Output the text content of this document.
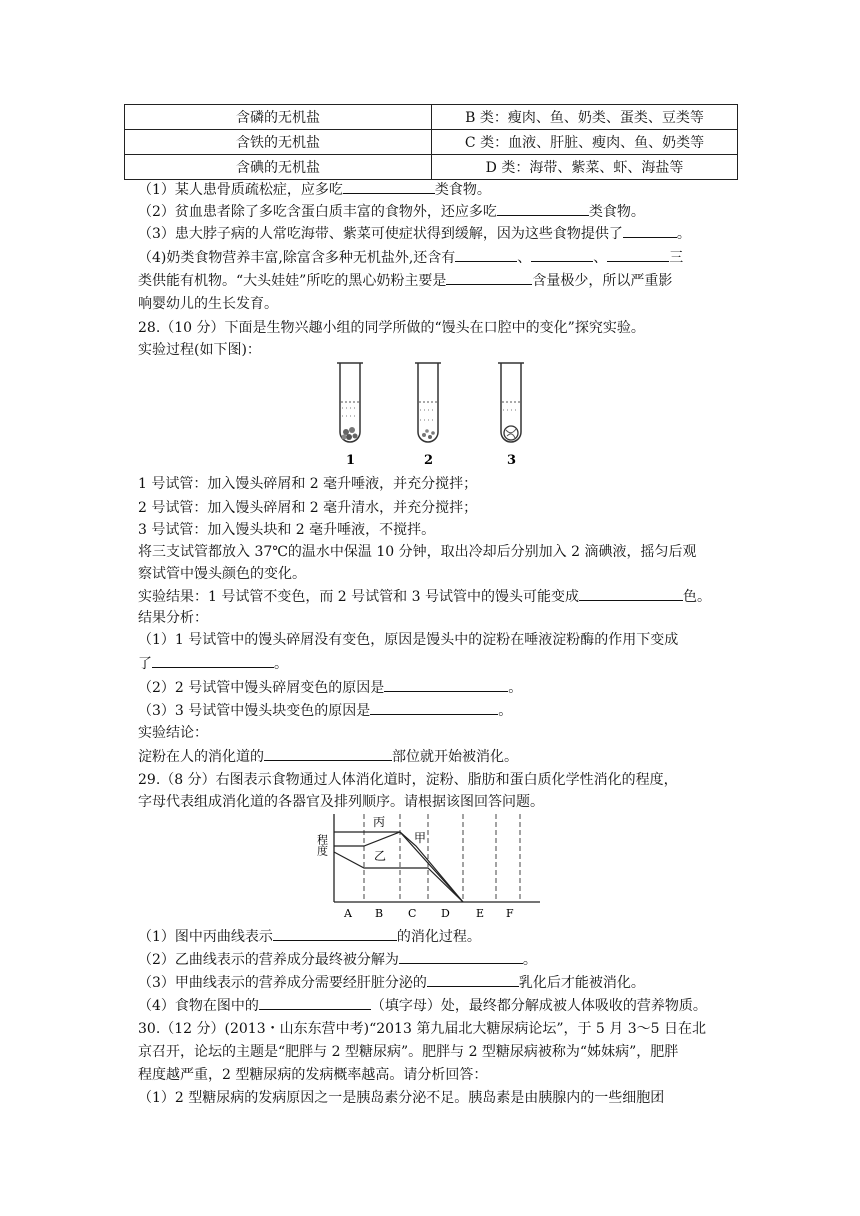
含磷的无机盐	B 类：瘦肉、鱼、奶类、蛋类、豆类等
含铁的无机盐	C 类：血液、肝脏、瘦肉、鱼、奶类等
含碘的无机盐	D 类：海带、紫菜、虾、海盐等
（1）某人患骨质疏松症，应多吃	类食物。
（2）贫血患者除了多吃含蛋白质丰富的食物外，还应多吃	类食物。
（3）患大脖子病的人常吃海带、紫菜可使症状得到缓解，因为这些食物提供了	。
（4)奶类食物营养丰富,除富含多种无机盐外,还含有	、	、	三
类供能有机物。“大头娃娃”所吃的黑心奶粉主要是	含量极少，所以严重影
响婴幼儿的生长发育。
28.（10 分）下面是生物兴趣小组的同学所做的“馒头在口腔中的变化”探究实验。
实验过程(如下图)：
1	2	3
1 号试管：加入馒头碎屑和 2 毫升唾液，并充分搅拌；
2 号试管：加入馒头碎屑和 2 毫升清水，并充分搅拌；
3 号试管：加入馒头块和 2 毫升唾液，不搅拌。
将三支试管都放入 37℃的温水中保温 10 分钟，取出冷却后分别加入 2 滴碘液，摇匀后观
察试管中馒头颜色的变化。
实验结果：1 号试管不变色，而 2 号试管和 3 号试管中的馒头可能变成	色。
结果分析：
（1）1 号试管中的馒头碎屑没有变色，原因是馒头中的淀粉在唾液淀粉酶的作用下变成
了	。
（2）2 号试管中馒头碎屑变色的原因是	。
（3）3 号试管中馒头块变色的原因是	。
实验结论：
淀粉在人的消化道的	部位就开始被消化。
29.（8 分）右图表示食物通过人体消化道时，淀粉、脂肪和蛋白质化学性消化的程度，
字母代表组成消化道的各器官及排列顺序。请根据该图回答问题。
程度
丙
甲
乙
A B C D E F
（1）图中丙曲线表示	的消化过程。
（2）乙曲线表示的营养成分最终被分解为	。
（3）甲曲线表示的营养成分需要经肝脏分泌的	乳化后才能被消化。
（4）食物在图中的	（填字母）处，最终都分解成被人体吸收的营养物质。
30.（12 分）(2013・山东东营中考)“2013 第九届北大糖尿病论坛”，于 5 月 3～5 日在北
京召开，论坛的主题是“肥胖与 2 型糖尿病”。肥胖与 2 型糖尿病被称为“姊妹病”，肥胖
程度越严重，2 型糖尿病的发病概率越高。请分析回答：
（1）2 型糖尿病的发病原因之一是胰岛素分泌不足。胰岛素是由胰腺内的一些细胞团
